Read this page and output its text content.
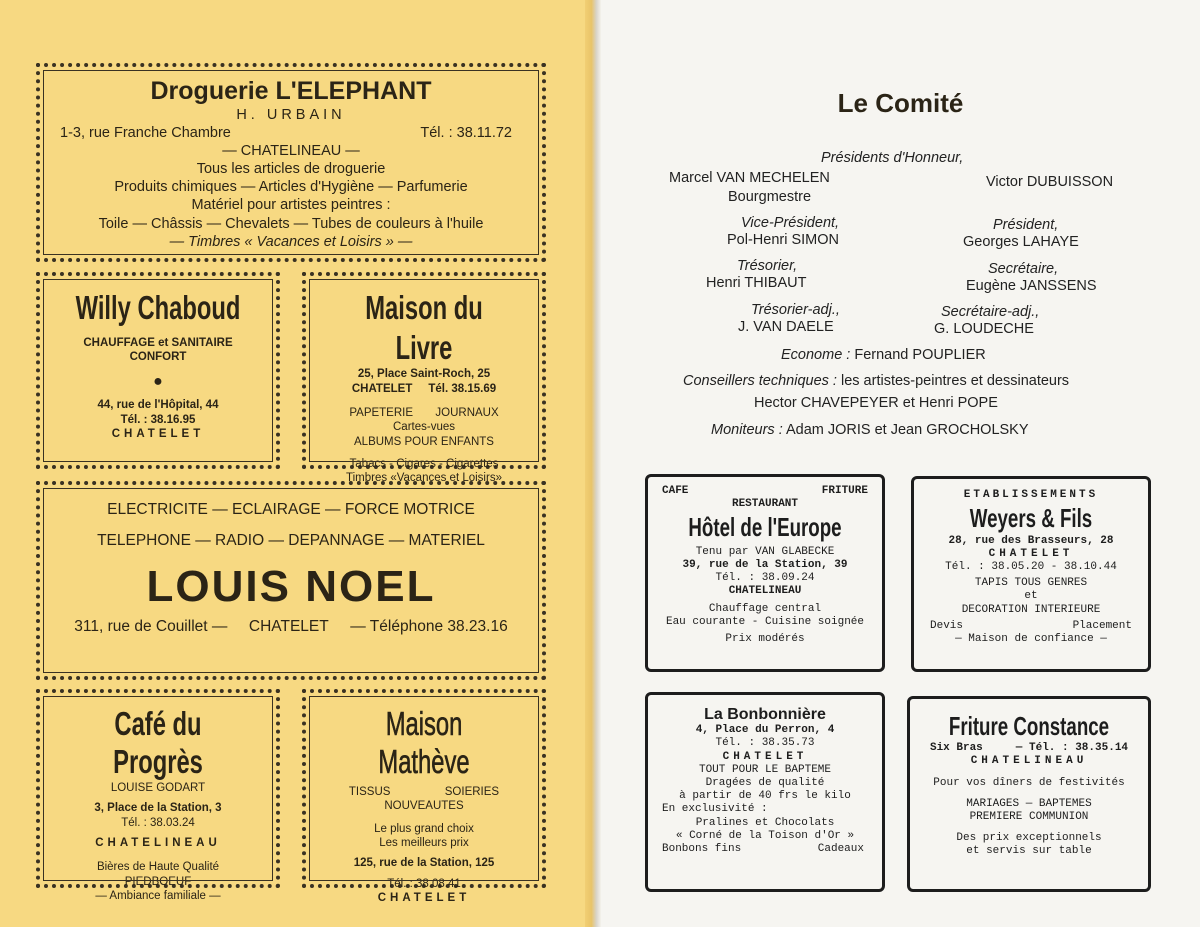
Droguerie L'ELEPHANT
H. URBAIN
1-3, rue Franche Chambre	Tél. : 38.11.72

— CHATELINEAU —
Tous les articles de droguerie
Produits chimiques — Articles d'Hygiène — Parfumerie
Matériel pour artistes peintres :
Toile — Châssis — Chevalets — Tubes de couleurs à l'huile
— Timbres « Vacances et Loisirs » —
Willy Chaboud
CHAUFFAGE et SANITAIRE
CONFORT
●
44, rue de l'Hôpital, 44
Tél. : 38.16.95
CHATELET
Maison du Livre
25, Place Saint-Roch, 25
CHATELET Tél. 38.15.69
PAPETERIE JOURNAUX
Cartes-vues
ALBUMS POUR ENFANTS
Tabacs - Cigares - Cigarettes
Timbres «Vacances et Loisirs»
ELECTRICITE — ECLAIRAGE — FORCE MOTRICE
TELEPHONE — RADIO — DEPANNAGE — MATERIEL
LOUIS NOEL
311, rue de Couillet — CHATELET — Téléphone 38.23.16
Café du Progrès
LOUISE GODART
3, Place de la Station, 3
Tél. : 38.03.24
CHATELINEAU
Bières de Haute Qualité
PIEDBOEUF
— Ambiance familiale —
Maison Mathève
TISSUS	SOIERIES
NOUVEAUTES
Le plus grand choix
Les meilleurs prix
125, rue de la Station, 125
Tél. : 38.08.41
CHATELET
Le Comité
Présidents d'Honneur,
Marcel VAN MECHELEN
Bourgmestre
Victor DUBUISSON
Vice-Président,
Pol-Henri SIMON
Président,
Georges LAHAYE
Trésorier,
Henri THIBAUT
Secrétaire,
Eugène JANSSENS
Trésorier-adj.,
J. VAN DAELE
Secrétaire-adj.,
G. LOUDECHE
Econome : Fernand POUPLIER
Conseillers techniques : les artistes-peintres et dessinateurs
Hector CHAVEPEYER et Henri POPE
Moniteurs : Adam JORIS et Jean GROCHOLSKY
CAFE	FRITURE

RESTAURANT
Hôtel de l'Europe
Tenu par VAN GLABECKE
39, rue de la Station, 39
Tél. : 38.09.24
CHATELINEAU
Chauffage central
Eau courante - Cuisine soignée
Prix modérés
ETABLISSEMENTS
Weyers & Fils
28, rue des Brasseurs, 28
CHATELET
Tél. : 38.05.20 - 38.10.44
TAPIS TOUS GENRES
et
DECORATION INTERIEURE
Devis	Placement

— Maison de confiance —
La Bonbonnière
4, Place du Perron, 4
Tél. : 38.35.73
CHATELET
TOUT POUR LE BAPTEME
Dragées de qualité
à partir de 40 frs le kilo
En exclusivité :
Pralines et Chocolats
« Corné de la Toison d'Or »
Bonbons fins	Cadeaux

Friture Constance
Six Bras	— Tél. : 38.35.14
CHATELINEAU
Pour vos dîners de festivités
MARIAGES — BAPTEMES
PREMIERE COMMUNION
Des prix exceptionnels
et servis sur table
